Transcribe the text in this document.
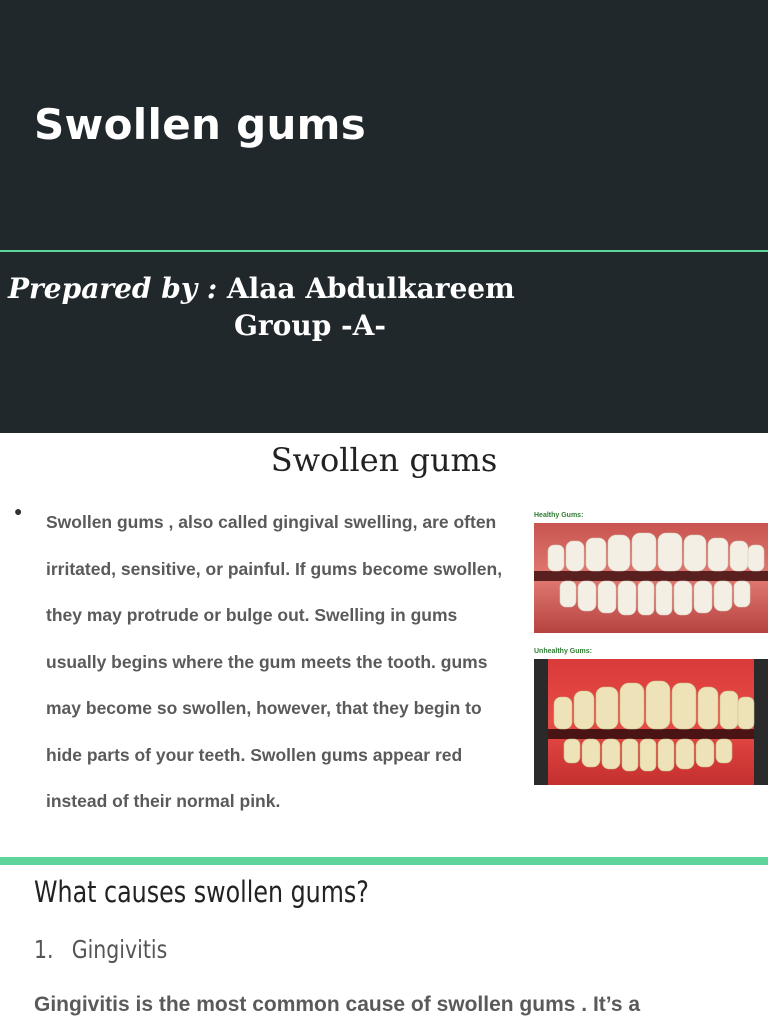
Swollen gums
Prepared by : Alaa Abdulkareem
Group -A-
Swollen gums
●

Swollen gums , also called gingival swelling, are often irritated, sensitive, or painful. If gums become swollen, they may protrude or bulge out. Swelling in gums usually begins where the gum meets the tooth. gums may become so swollen, however, that they begin to hide parts of your teeth. Swollen gums appear red instead of their normal pink.

Healthy Gums:
Unhealthy Gums:
What causes swollen gums?
1. Gingivitis
Gingivitis is the most common cause of swollen gums . It’s a
